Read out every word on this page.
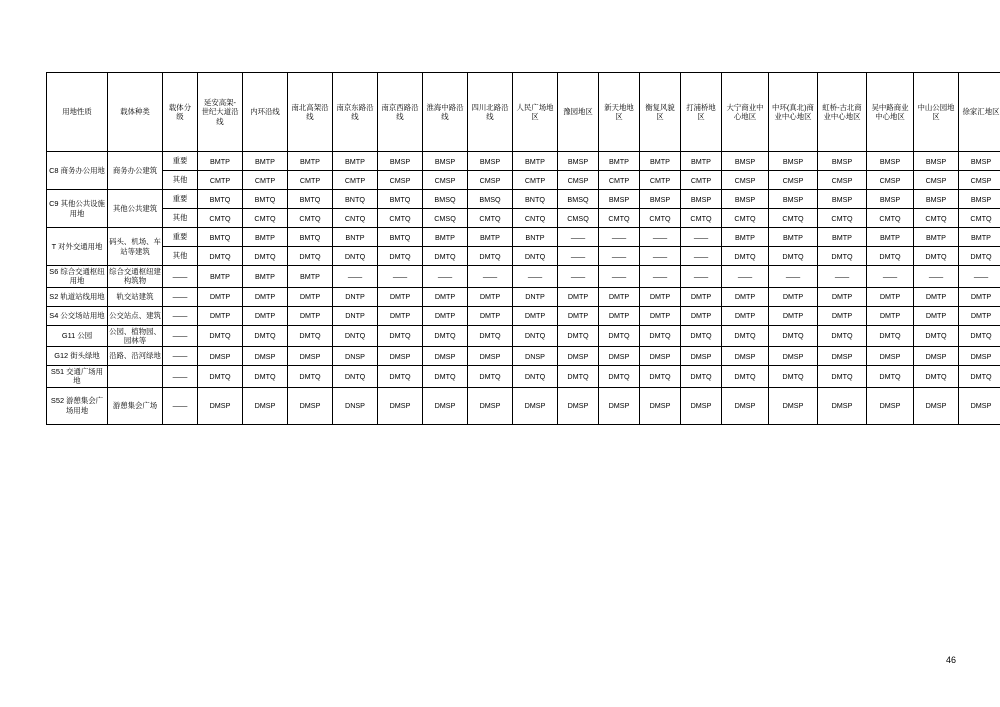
用地性质	载体种类	载体分级	延安高架-世纪大道沿线	内环沿线	南北高架沿线	南京东路沿线	南京西路沿线	淮海中路沿线	四川北路沿线	人民广场地区	豫园地区	新天地地区	衡复风貌区	打浦桥地区	大宁商业中心地区	中环(真北)商业中心地区	虹桥-古北商业中心地区	吴中路商业中心地区	中山公园地区	徐家汇地区
C8 商务办公用地	商务办公建筑	重要	BMTP	BMTP	BMTP	BMTP	BMSP	BMSP	BMSP	BMTP	BMSP	BMTP	BMTP	BMTP	BMSP	BMSP	BMSP	BMSP	BMSP	BMSP
		其他	CMTP	CMTP	CMTP	CMTP	CMSP	CMSP	CMSP	CMTP	CMSP	CMTP	CMTP	CMTP	CMSP	CMSP	CMSP	CMSP	CMSP	CMSP
C9 其他公共设施用地	其他公共建筑	重要	BMTQ	BMTQ	BMTQ	BNTQ	BMTQ	BMSQ	BMSQ	BNTQ	BMSQ	BMSP	BMSP	BMSP	BMSP	BMSP	BMSP	BMSP	BMSP	BMSP
		其他	CMTQ	CMTQ	CMTQ	CNTQ	CMTQ	CMSQ	CMTQ	CNTQ	CMSQ	CMTQ	CMTQ	CMTQ	CMTQ	CMTQ	CMTQ	CMTQ	CMTQ	CMTQ
T 对外交通用地	码头、机场、车站等建筑	重要	BMTQ	BMTP	BMTQ	BNTP	BMTQ	BMTP	BMTP	BNTP	——	——	——	——	BMTP	BMTP	BMTP	BMTP	BMTP	BMTP
		其他	DMTQ	DMTQ	DMTQ	DNTQ	DMTQ	DMTQ	DMTQ	DNTQ	——	——	——	——	DMTQ	DMTQ	DMTQ	DMTQ	DMTQ	DMTQ
S6 综合交通枢纽用地	综合交通枢纽建构筑物	——	BMTP	BMTP	BMTP	——	——	——	——	——	——	——	——	——	——	——	——	——	——	——
S2 轨道站线用地	轨交站建筑	——	DMTP	DMTP	DMTP	DNTP	DMTP	DMTP	DMTP	DNTP	DMTP	DMTP	DMTP	DMTP	DMTP	DMTP	DMTP	DMTP	DMTP	DMTP
S4 公交场站用地	公交站点、建筑	——	DMTP	DMTP	DMTP	DNTP	DMTP	DMTP	DMTP	DMTP	DMTP	DMTP	DMTP	DMTP	DMTP	DMTP	DMTP	DMTP	DMTP	DMTP
G11 公园	公园、植物园、园林等	——	DMTQ	DMTQ	DMTQ	DNTQ	DMTQ	DMTQ	DMTQ	DNTQ	DMTQ	DMTQ	DMTQ	DMTQ	DMTQ	DMTQ	DMTQ	DMTQ	DMTQ	DMTQ
G12 街头绿地	沿路、沿河绿地	——	DMSP	DMSP	DMSP	DNSP	DMSP	DMSP	DMSP	DNSP	DMSP	DMSP	DMSP	DMSP	DMSP	DMSP	DMSP	DMSP	DMSP	DMSP
S51 交通广场用地		——	DMTQ	DMTQ	DMTQ	DNTQ	DMTQ	DMTQ	DMTQ	DNTQ	DMTQ	DMTQ	DMTQ	DMTQ	DMTQ	DMTQ	DMTQ	DMTQ	DMTQ	DMTQ
S52 游憩集会广场用地	游憩集会广场	——	DMSP	DMSP	DMSP	DNSP	DMSP	DMSP	DMSP	DMSP	DMSP	DMSP	DMSP	DMSP	DMSP	DMSP	DMSP	DMSP	DMSP	DMSP
46
